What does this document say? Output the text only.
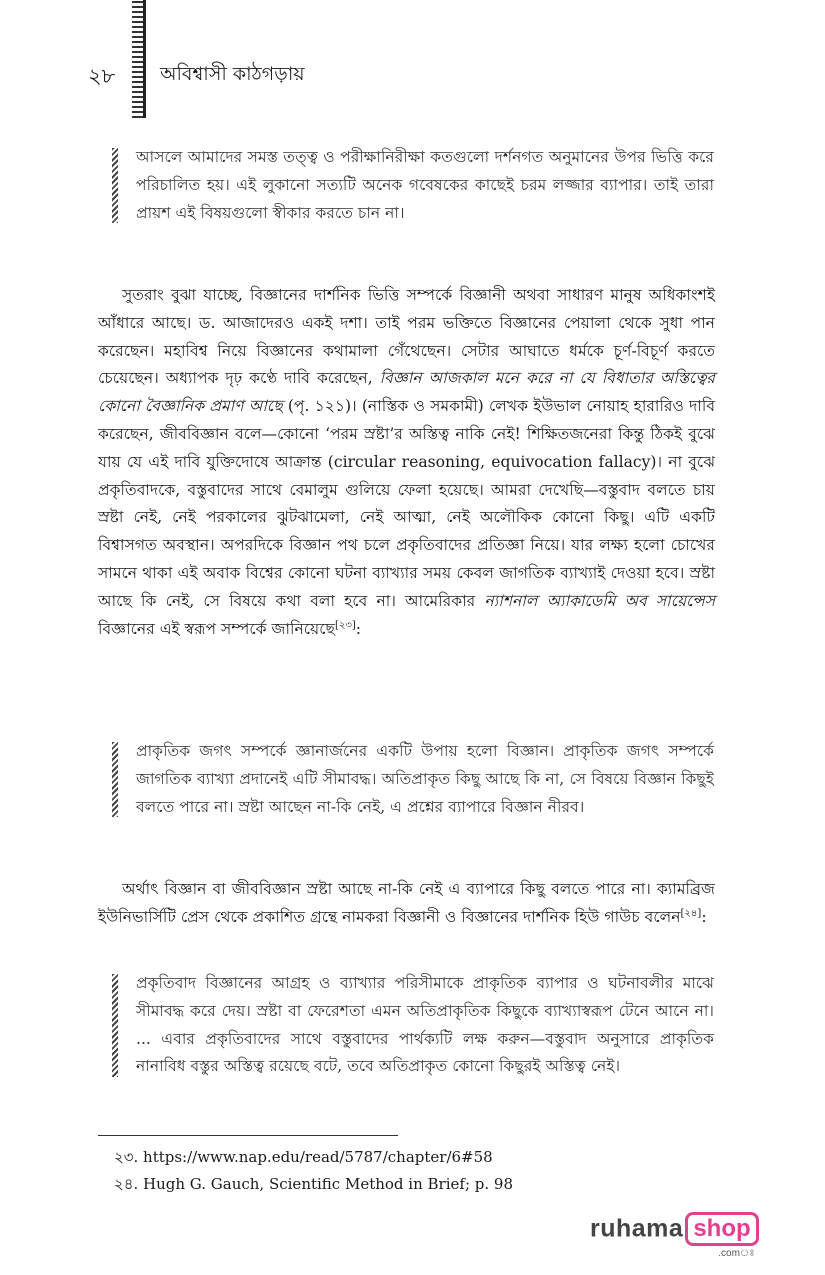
২৮ অবিশ্বাসী কাঠগড়ায়

আসলে আমাদের সমস্ত তত্ত্ব ও পরীক্ষানিরীক্ষা কতগুলো দর্শনগত অনুমানের উপর ভিত্তি করে পরিচালিত হয়। এই লুকানো সত্যটি অনেক গবেষকের কাছেই চরম লজ্জার ব্যাপার। তাই তারা প্রায়শ এই বিষয়গুলো স্বীকার করতে চান না।

সুতরাং বুঝা যাচ্ছে, বিজ্ঞানের দার্শনিক ভিত্তি সম্পর্কে বিজ্ঞানী অথবা সাধারণ মানুষ অধিকাংশই আঁধারে আছে। ড. আজাদেরও একই দশা। তাই পরম ভক্তিতে বিজ্ঞানের পেয়ালা থেকে সুধা পান করেছেন। মহাবিশ্ব নিয়ে বিজ্ঞানের কথামালা গেঁথেছেন। সেটার আঘাতে ধর্মকে চূর্ণ-বিচূর্ণ করতে চেয়েছেন। অধ্যাপক দৃঢ় কণ্ঠে দাবি করেছেন, বিজ্ঞান আজকাল মনে করে না যে বিধাতার অস্তিত্বের কোনো বৈজ্ঞানিক প্রমাণ আছে (পৃ. ১২১)। (নাস্তিক ও সমকামী) লেখক ইউভাল নোয়াহ হারারিও দাবি করেছেন, জীববিজ্ঞান বলে—কোনো ‘পরম স্রষ্টা’র অস্তিত্ব নাকি নেই! শিক্ষিতজনেরা কিন্তু ঠিকই বুঝে যায় যে এই দাবি যুক্তিদোষে আক্রান্ত (circular reasoning, equivocation fallacy)। না বুঝে প্রকৃতিবাদকে, বস্তুবাদের সাথে বেমালুম গুলিয়ে ফেলা হয়েছে। আমরা দেখেছি—বস্তুবাদ বলতে চায় স্রষ্টা নেই, নেই পরকালের ঝুটঝামেলা, নেই আত্মা, নেই অলৌকিক কোনো কিছু। এটি একটি বিশ্বাসগত অবস্থান। অপরদিকে বিজ্ঞান পথ চলে প্রকৃতিবাদের প্রতিজ্ঞা নিয়ে। যার লক্ষ্য হলো চোখের সামনে থাকা এই অবাক বিশ্বের কোনো ঘটনা ব্যাখ্যার সময় কেবল জাগতিক ব্যাখ্যাই দেওয়া হবে। স্রষ্টা আছে কি নেই, সে বিষয়ে কথা বলা হবে না। আমেরিকার ন্যাশনাল অ্যাকাডেমি অব সায়েন্সেস বিজ্ঞানের এই স্বরূপ সম্পর্কে জানিয়েছে[২৩]:

প্রাকৃতিক জগৎ সম্পর্কে জ্ঞানার্জনের একটি উপায় হলো বিজ্ঞান। প্রাকৃতিক জগৎ সম্পর্কে জাগতিক ব্যাখ্যা প্রদানেই এটি সীমাবদ্ধ। অতিপ্রাকৃত কিছু আছে কি না, সে বিষয়ে বিজ্ঞান কিছুই বলতে পারে না। স্রষ্টা আছেন না-কি নেই, এ প্রশ্নের ব্যাপারে বিজ্ঞান নীরব।

অর্থাৎ বিজ্ঞান বা জীববিজ্ঞান স্রষ্টা আছে না-কি নেই এ ব্যাপারে কিছু বলতে পারে না। ক্যামব্রিজ ইউনিভার্সিটি প্রেস থেকে প্রকাশিত গ্রন্থে নামকরা বিজ্ঞানী ও বিজ্ঞানের দার্শনিক হিউ গাউচ বলেন[২৪]:

প্রকৃতিবাদ বিজ্ঞানের আগ্রহ ও ব্যাখ্যার পরিসীমাকে প্রাকৃতিক ব্যাপার ও ঘটনাবলীর মাঝে সীমাবদ্ধ করে দেয়। স্রষ্টা বা ফেরেশতা এমন অতিপ্রাকৃতিক কিছুকে ব্যাখ্যাস্বরূপ টেনে আনে না। ... এবার প্রকৃতিবাদের সাথে বস্তুবাদের পার্থক্যটি লক্ষ করুন—বস্তুবাদ অনুসারে প্রাকৃতিক নানাবিধ বস্তুর অস্তিত্ব রয়েছে বটে, তবে অতিপ্রাকৃত কোনো কিছুরই অস্তিত্ব নেই।

২৩. https://www.nap.edu/read/5787/chapter/6#58
২৪. Hugh G. Gauch, Scientific Method in Brief; p. 98
ruhama shop
.comঃ
